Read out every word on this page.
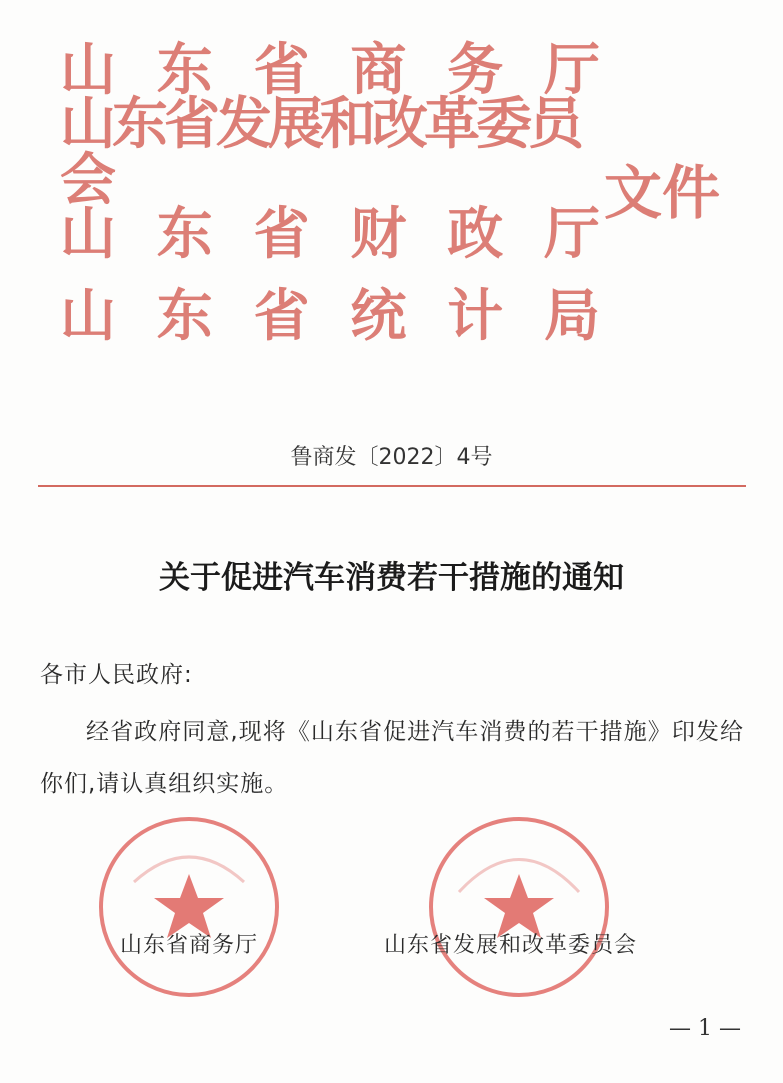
山 东 省 商 务 厅
山东省发展和改革委员会
山 东 省 财 政 厅
山 东 省 统 计 局
文件
鲁商发〔2022〕4号
关于促进汽车消费若干措施的通知
各市人民政府:
经省政府同意,现将《山东省促进汽车消费的若干措施》印发给你们,请认真组织实施。
山东省商务厅	山东省发展和改革委员会
— 1 —
